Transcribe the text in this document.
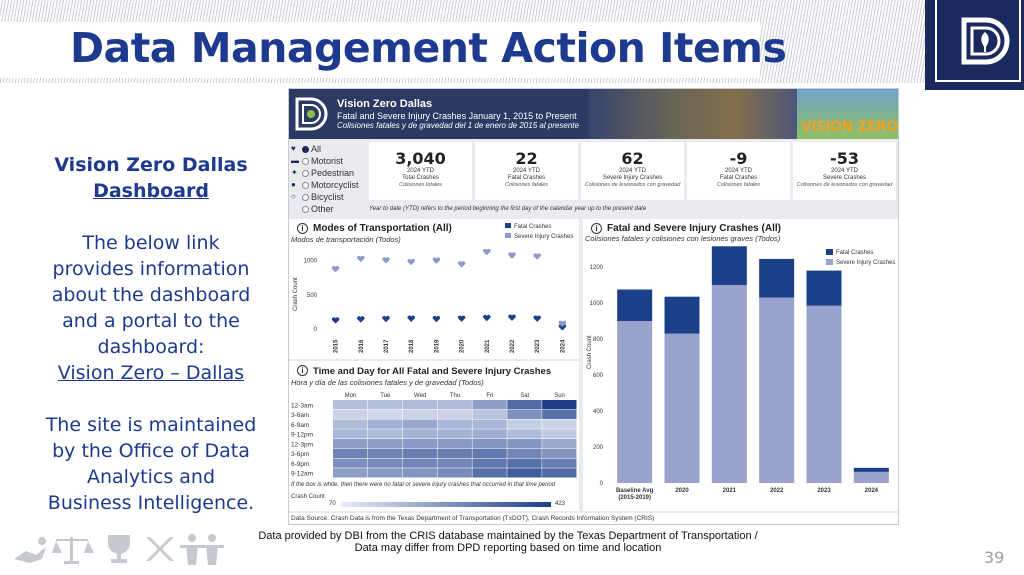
Data Management Action Items
Vision Zero Dallas
Dashboard
The below link
provides information
about the dashboard
and a portal to the
dashboard:
Vision Zero – Dallas
The site is maintained
by the Office of Data
Analytics and
Business Intelligence.
Vision Zero Dallas
Fatal and Severe Injury Crashes January 1, 2015 to Present
Colisiones fatales y de gravedad del 1 de enero de 2015 al presente	VISION ZERO
♥	All
▬	Motorist
✦	Pedestrian
●	Motorcyclist
○	Bicyclist
Other
3,040
2024 YTD
Total Crashes
Colisiones totales
22
2024 YTD
Fatal Crashes
Colisiones fatales
62
2024 YTD
Severe Injury Crashes
Colisiones de lesionados con gravedad
-9
2024 YTD
Fatal Crashes
Colisiones fatales
-53
2024 YTD
Severe Crashes
Colisiones de lesionados con gravedad
Year to date (YTD) refers to the period beginning the first day of the calendar year up to the present date
i Modes of Transportation (All)
Modos de transportación (Todos)
Fatal Crashes
Severe Injury Crashes
Crash Count
0
500
1000
2015	2016	2017	2018	2019	2020	2021	2022	2023	2024
i Time and Day for All Fatal and Severe Injury Crashes
Hora y día de las colisiones fatales y de gravedad (Todos)
Mon	Tue	Wed	Thu	Fri	Sat	Sun
12-3am
3-6am
6-9am
9-12pm
12-3pm
3-6pm
6-9pm
9-12am
If the box is white, then there were no fatal or severe injury crashes that occurred in that time period
Crash Count
70	423
i Fatal and Severe Injury Crashes (All)
Colisiones fatales y colisiones con lesiones graves (Todos)
Fatal Crashes
Severe Injury Crashes
Crash Count
0
200
400
600
800
1000
1200
Baseline Avg
(2015-2019)
2020	2021	2022	2023	2024
Data Source: Crash Data is from the Texas Department of Transportation (TxDOT), Crash Records Information System (CRIS)
Data provided by DBI from the CRIS database maintained by the Texas Department of Transportation /
Data may differ from DPD reporting based on time and location	39
